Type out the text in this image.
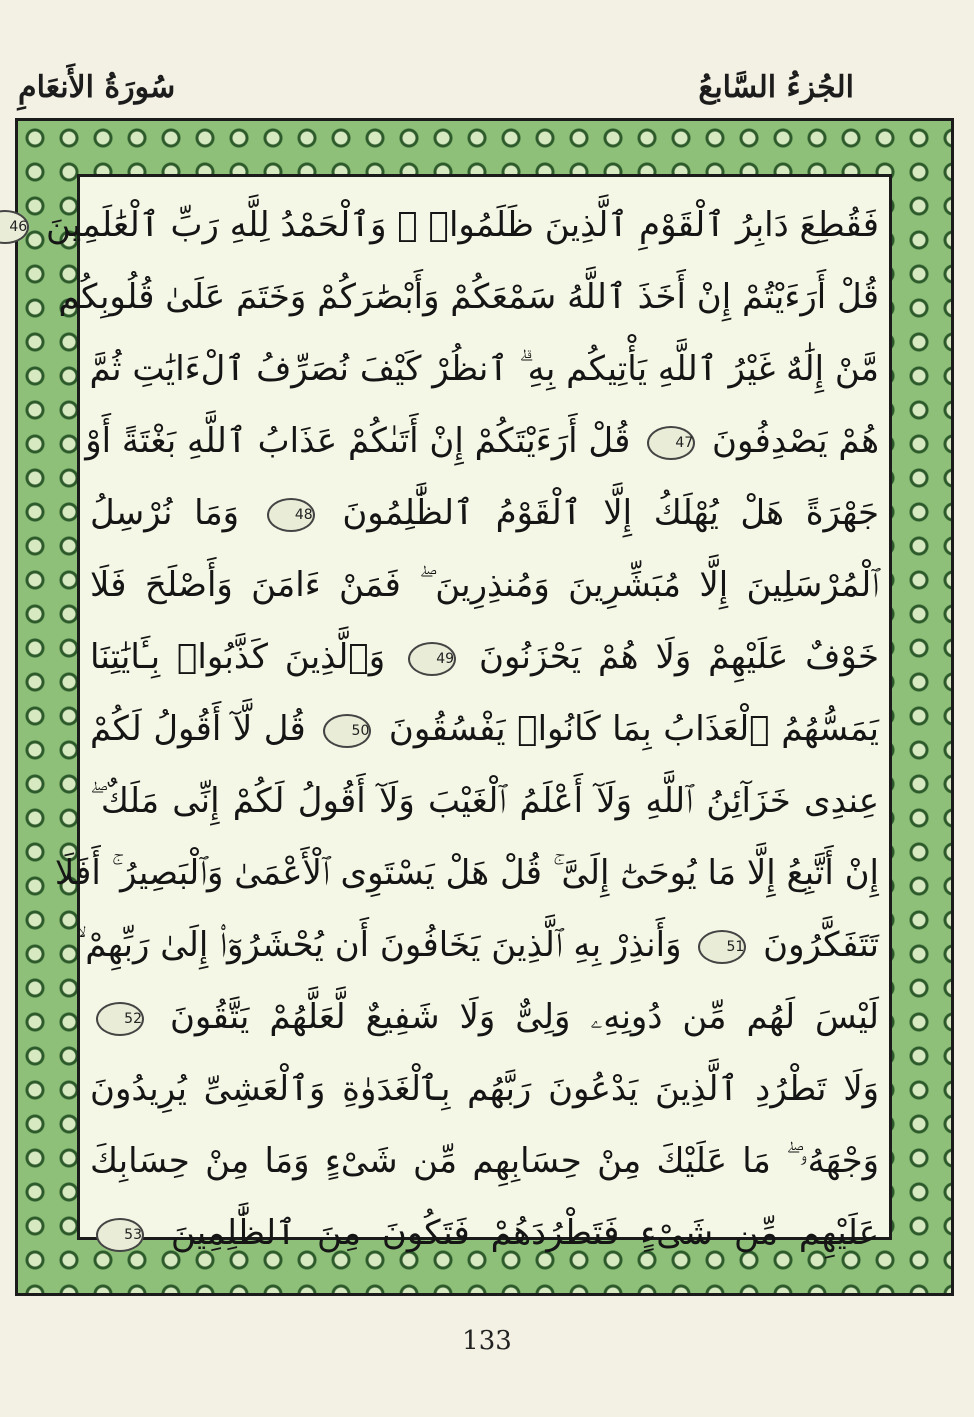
سُورَةُ الأَنعَامِ	الجُزءُ السَّابعُ
فَقُطِعَ دَابِرُ ٱلْقَوْمِ ٱلَّذِينَ ظَلَمُوا۟ ۚ وَٱلْحَمْدُ لِلَّهِ رَبِّ ٱلْعَٰلَمِينَ 46
قُلْ أَرَءَيْتُمْ إِنْ أَخَذَ ٱللَّهُ سَمْعَكُمْ وَأَبْصَٰرَكُمْ وَخَتَمَ عَلَىٰ قُلُوبِكُم
مَّنْ إِلَٰهٌ غَيْرُ ٱللَّهِ يَأْتِيكُم بِهِ ۗ ٱنظُرْ كَيْفَ نُصَرِّفُ ٱلْءَايَٰتِ ثُمَّ
هُمْ يَصْدِفُونَ 47 قُلْ أَرَءَيْتَكُمْ إِنْ أَتَىٰكُمْ عَذَابُ ٱللَّهِ بَغْتَةً أَوْ
جَهْرَةً هَلْ يُهْلَكُ إِلَّا ٱلْقَوْمُ ٱلظَّٰلِمُونَ 48 وَمَا نُرْسِلُ
ٱلْمُرْسَلِينَ إِلَّا مُبَشِّرِينَ وَمُنذِرِينَ ۖ فَمَنْ ءَامَنَ وَأَصْلَحَ فَلَا
خَوْفٌ عَلَيْهِمْ وَلَا هُمْ يَحْزَنُونَ 49 وَٱلَّذِينَ كَذَّبُوا۟ بِـَٔايَٰتِنَا
يَمَسُّهُمُ ٱلْعَذَابُ بِمَا كَانُوا۟ يَفْسُقُونَ 50 قُل لَّآ أَقُولُ لَكُمْ
عِندِى خَزَآئِنُ ٱللَّهِ وَلَآ أَعْلَمُ ٱلْغَيْبَ وَلَآ أَقُولُ لَكُمْ إِنِّى مَلَكٌ ۖ
إِنْ أَتَّبِعُ إِلَّا مَا يُوحَىٰٓ إِلَىَّ ۚ قُلْ هَلْ يَسْتَوِى ٱلْأَعْمَىٰ وَٱلْبَصِيرُ ۚ أَفَلَا
تَتَفَكَّرُونَ 51 وَأَنذِرْ بِهِ ٱلَّذِينَ يَخَافُونَ أَن يُحْشَرُوٓا۟ إِلَىٰ رَبِّهِمْ ۙ
لَيْسَ لَهُم مِّن دُونِهِۦ وَلِىٌّ وَلَا شَفِيعٌ لَّعَلَّهُمْ يَتَّقُونَ 52
وَلَا تَطْرُدِ ٱلَّذِينَ يَدْعُونَ رَبَّهُم بِٱلْغَدَوٰةِ وَٱلْعَشِىِّ يُرِيدُونَ
وَجْهَهُۥ ۖ مَا عَلَيْكَ مِنْ حِسَابِهِم مِّن شَىْءٍ وَمَا مِنْ حِسَابِكَ
عَلَيْهِم مِّن شَىْءٍ فَتَطْرُدَهُمْ فَتَكُونَ مِنَ ٱلظَّٰلِمِينَ 53
133
